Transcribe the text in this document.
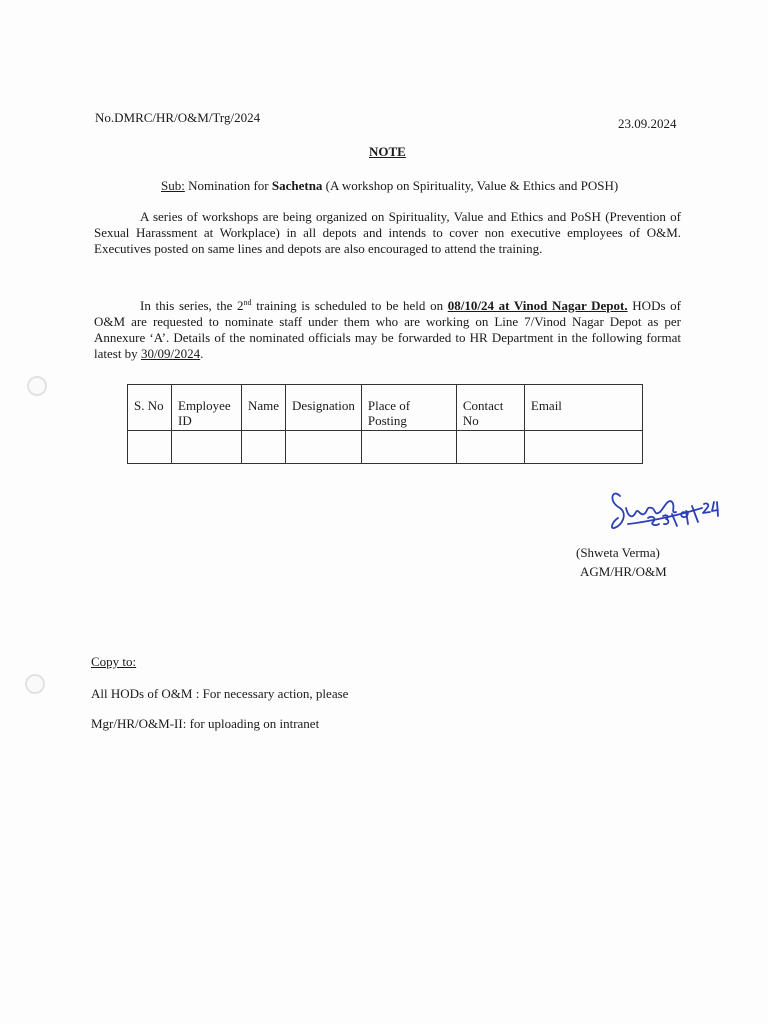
No.DMRC/HR/O&M/Trg/2024	23.09.2024
NOTE
Sub: Nomination for Sachetna (A workshop on Spirituality, Value & Ethics and POSH)
A series of workshops are being organized on Spirituality, Value and Ethics and PoSH (Prevention of Sexual Harassment at Workplace) in all depots and intends to cover non executive employees of O&M. Executives posted on same lines and depots are also encouraged to attend the training.
In this series, the 2nd training is scheduled to be held on 08/10/24 at Vinod Nagar Depot. HODs of O&M are requested to nominate staff under them who are working on Line 7/Vinod Nagar Depot as per Annexure ‘A’. Details of the nominated officials may be forwarded to HR Department in the following format latest by 30/09/2024.
S. No	Employee ID	Name	Designation	Place of Posting	Contact No	Email

(Shweta Verma)
AGM/HR/O&M
Copy to:
All HODs of O&M : For necessary action, please
Mgr/HR/O&M-II: for uploading on intranet
